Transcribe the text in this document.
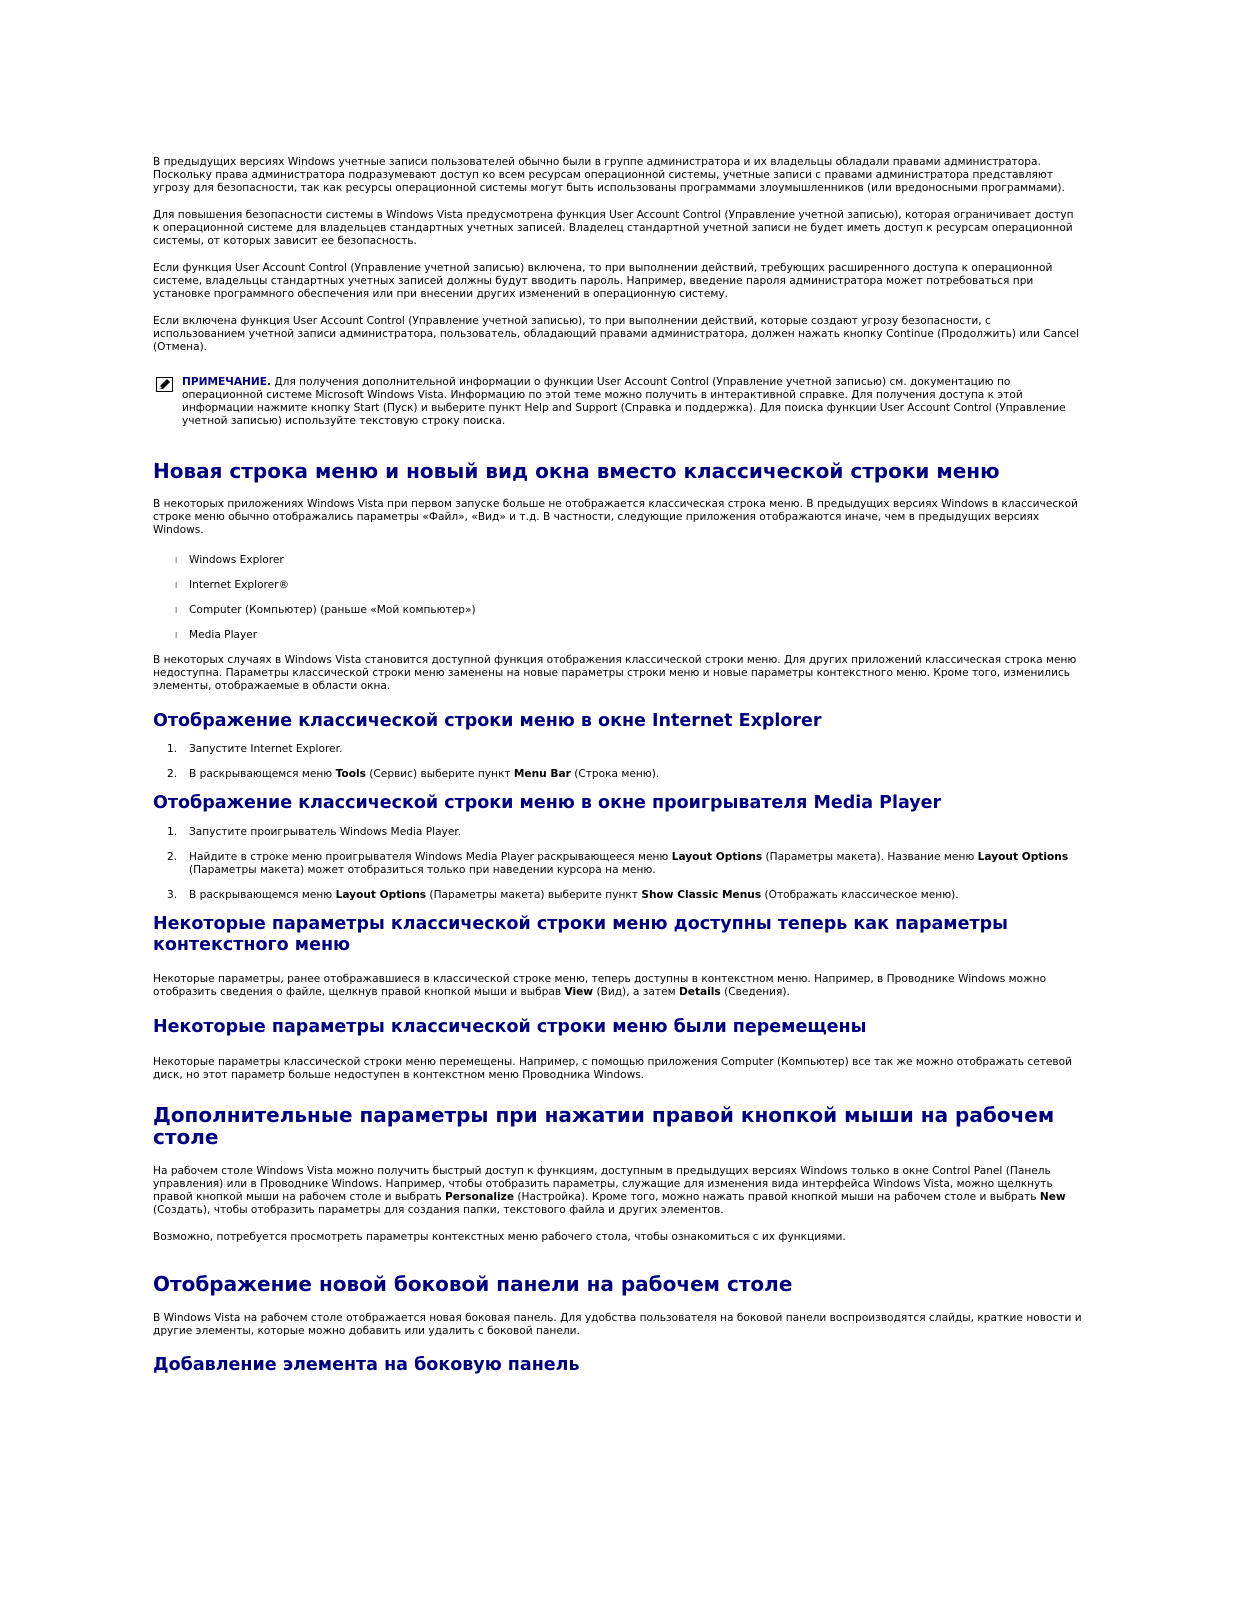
В предыдущих версиях Windows учетные записи пользователей обычно были в группе администратора и их владельцы обладали правами администратора. Поскольку права администратора подразумевают доступ ко всем ресурсам операционной системы, учетные записи с правами администратора представляют угрозу для безопасности, так как ресурсы операционной системы могут быть использованы программами злоумышленников (или вредоносными программами).

Для повышения безопасности системы в Windows Vista предусмотрена функция User Account Control (Управление учетной записью), которая ограничивает доступ к операционной системе для владельцев стандартных учетных записей. Владелец стандартной учетной записи не будет иметь доступ к ресурсам операционной системы, от которых зависит ее безопасность.

Если функция User Account Control (Управление учетной записью) включена, то при выполнении действий, требующих расширенного доступа к операционной системе, владельцы стандартных учетных записей должны будут вводить пароль. Например, введение пароля администратора может потребоваться при установке программного обеспечения или при внесении других изменений в операционную систему.

Если включена функция User Account Control (Управление учетной записью), то при выполнении действий, которые создают угрозу безопасности, с использованием учетной записи администратора, пользователь, обладающий правами администратора, должен нажать кнопку Continue (Продолжить) или Cancel (Отмена).

ПРИМЕЧАНИЕ. Для получения дополнительной информации о функции User Account Control (Управление учетной записью) см. документацию по операционной системе Microsoft Windows Vista. Информацию по этой теме можно получить в интерактивной справке. Для получения доступа к этой информации нажмите кнопку Start (Пуск) и выберите пункт Help and Support (Справка и поддержка). Для поиска функции User Account Control (Управление учетной записью) используйте текстовую строку поиска.

Новая строка меню и новый вид окна вместо классической строки меню

В некоторых приложениях Windows Vista при первом запуске больше не отображается классическая строка меню. В предыдущих версиях Windows в классической строке меню обычно отображались параметры «Файл», «Вид» и т.д. В частности, следующие приложения отображаются иначе, чем в предыдущих версиях Windows.

l Windows Explorer
l Internet Explorer®
l Computer (Компьютер) (раньше «Мой компьютер»)
l Media Player

В некоторых случаях в Windows Vista становится доступной функция отображения классической строки меню. Для других приложений классическая строка меню недоступна. Параметры классической строки меню заменены на новые параметры строки меню и новые параметры контекстного меню. Кроме того, изменились элементы, отображаемые в области окна.

Отображение классической строки меню в окне Internet Explorer
1. Запустите Internet Explorer.
2. В раскрывающемся меню Tools (Сервис) выберите пункт Menu Bar (Строка меню).
Отображение классической строки меню в окне проигрывателя Media Player
1. Запустите проигрыватель Windows Media Player.
2. Найдите в строке меню проигрывателя Windows Media Player раскрывающееся меню Layout Options (Параметры макета). Название меню Layout Options (Параметры макета) может отобразиться только при наведении курсора на меню.
3. В раскрывающемся меню Layout Options (Параметры макета) выберите пункт Show Classic Menus (Отображать классическое меню).
Некоторые параметры классической строки меню доступны теперь как параметры контекстного меню

Некоторые параметры, ранее отображавшиеся в классической строке меню, теперь доступны в контекстном меню. Например, в Проводнике Windows можно отобразить сведения о файле, щелкнув правой кнопкой мыши и выбрав View (Вид), а затем Details (Сведения).

Некоторые параметры классической строки меню были перемещены

Некоторые параметры классической строки меню перемещены. Например, с помощью приложения Computer (Компьютер) все так же можно отображать сетевой диск, но этот параметр больше недоступен в контекстном меню Проводника Windows.

Дополнительные параметры при нажатии правой кнопкой мыши на рабочем столе

На рабочем столе Windows Vista можно получить быстрый доступ к функциям, доступным в предыдущих версиях Windows только в окне Control Panel (Панель управления) или в Проводнике Windows. Например, чтобы отобразить параметры, служащие для изменения вида интерфейса Windows Vista, можно щелкнуть правой кнопкой мыши на рабочем столе и выбрать Personalize (Настройка). Кроме того, можно нажать правой кнопкой мыши на рабочем столе и выбрать New (Создать), чтобы отобразить параметры для создания папки, текстового файла и других элементов.

Возможно, потребуется просмотреть параметры контекстных меню рабочего стола, чтобы ознакомиться с их функциями.

Отображение новой боковой панели на рабочем столе

В Windows Vista на рабочем столе отображается новая боковая панель. Для удобства пользователя на боковой панели воспроизводятся слайды, краткие новости и другие элементы, которые можно добавить или удалить с боковой панели.

Добавление элемента на боковую панель
